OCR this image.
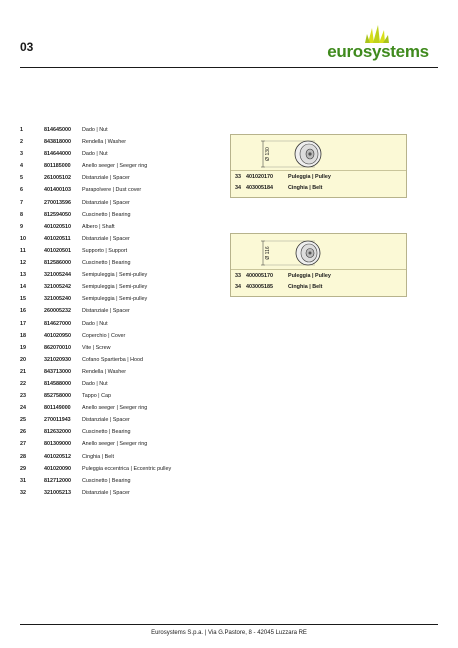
03	eurosystems
1	814645000	Dado | Nut
2	843818000	Rendella | Washer
3	814644000	Dado | Nut
4	801185000	Anello seeger | Seeger ring
5	261005102	Distanziale | Spacer
6	401400103	Parapolvere | Dust cover
7	270013596	Distanziale | Spacer
8	812594050	Cuscinetto | Bearing
9	401020510	Albero | Shaft
10	401020511	Distanziale | Spacer
11	401020501	Supporto | Support
12	812586000	Cuscinetto | Bearing
13	321005244	Semipuleggia | Semi-pulley
14	321005242	Semipuleggia | Semi-pulley
15	321005240	Semipuleggia | Semi-pulley
16	260005232	Distanziale | Spacer
17	814627000	Dado | Nut
18	401020950	Coperchio | Cover
19	862070010	Vite | Screw
20	321020930	Cofano Spartierba | Hood
21	843713000	Rendella | Washer
22	814588000	Dado | Nut
23	852758000	Tappo | Cap
24	801149000	Anello seeger | Seeger ring
25	270011943	Distanziale | Spacer
26	812632000	Cuscinetto | Bearing
27	801309000	Anello seeger | Seeger ring
28	401020512	Cinghia | Belt
29	401020090	Puleggia eccentrica | Eccentric pulley
31	812712000	Cuscinetto | Bearing
32	321005213	Distanziale | Spacer
Ø 130
33 401020170	Puleggia | Pulley
34 403005184	Cinghia | Belt
Ø 116
33 400005170	Puleggia | Pulley
34 403005185	Cinghia | Belt
Eurosystems S.p.a. | Via G.Pastore, 8 - 42045 Luzzara RE
